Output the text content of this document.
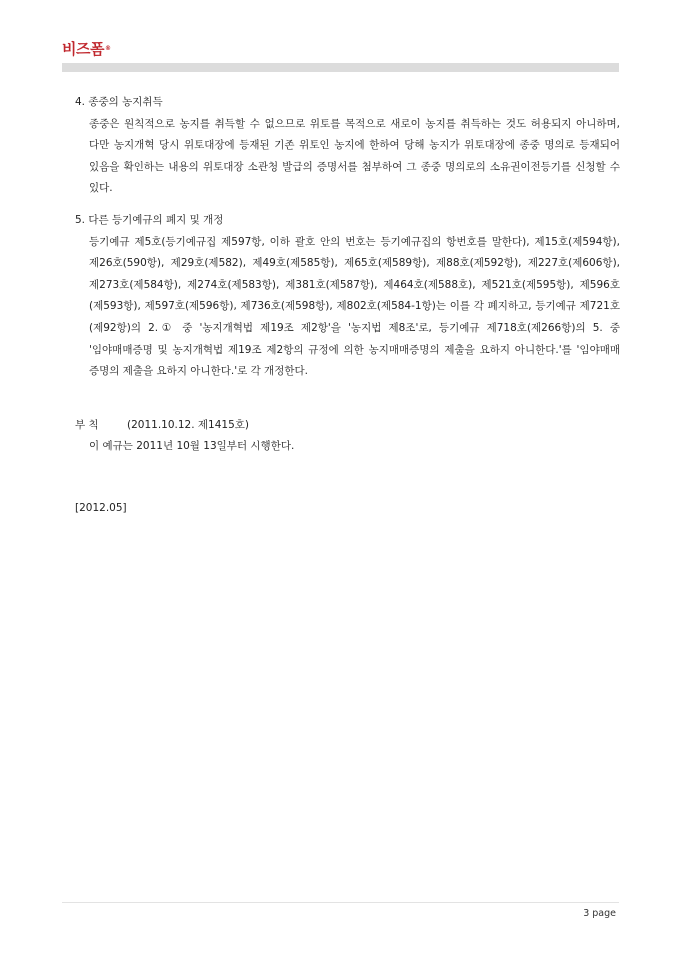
비즈폼®
4. 종중의 농지취득
종중은 원칙적으로 농지를 취득할 수 없으므로 위토를 목적으로 새로이 농지를 취득하는 것도 허용되지 아니하며, 다만 농지개혁 당시 위토대장에 등재된 기존 위토인 농지에 한하여 당해 농지가 위토대장에 종중 명의로 등재되어 있음을 확인하는 내용의 위토대장 소관청 발급의 증명서를 첨부하여 그 종중 명의로의 소유권이전등기를 신청할 수 있다.
5. 다른 등기예규의 폐지 및 개정
등기예규 제5호(등기예규집 제597항, 이하 괄호 안의 번호는 등기예규집의 항번호를 말한다), 제15호(제594항), 제26호(590항), 제29호(제582), 제49호(제585항), 제65호(제589항), 제88호(제592항), 제227호(제606항), 제273호(제584항), 제274호(제583항), 제381호(제587항), 제464호(제588호), 제521호(제595항), 제596호(제593항), 제597호(제596항), 제736호(제598항), 제802호(제584-1항)는 이를 각 폐지하고, 등기예규 제721호(제92항)의 2.① 중 '농지개혁법 제19조 제2항'을 '농지법 제8조'로, 등기예규 제718호(제266항)의 5. 중 '임야매매증명 및 농지개혁법 제19조 제2항의 규정에 의한 농지매매증명의 제출을 요하지 아니한다.'를 '임야매매 증명의 제출을 요하지 아니한다.'로 각 개정한다.
부 칙	(2011.10.12. 제1415호)
이 예규는 2011년 10월 13일부터 시행한다.
[2012.05]
3 page
